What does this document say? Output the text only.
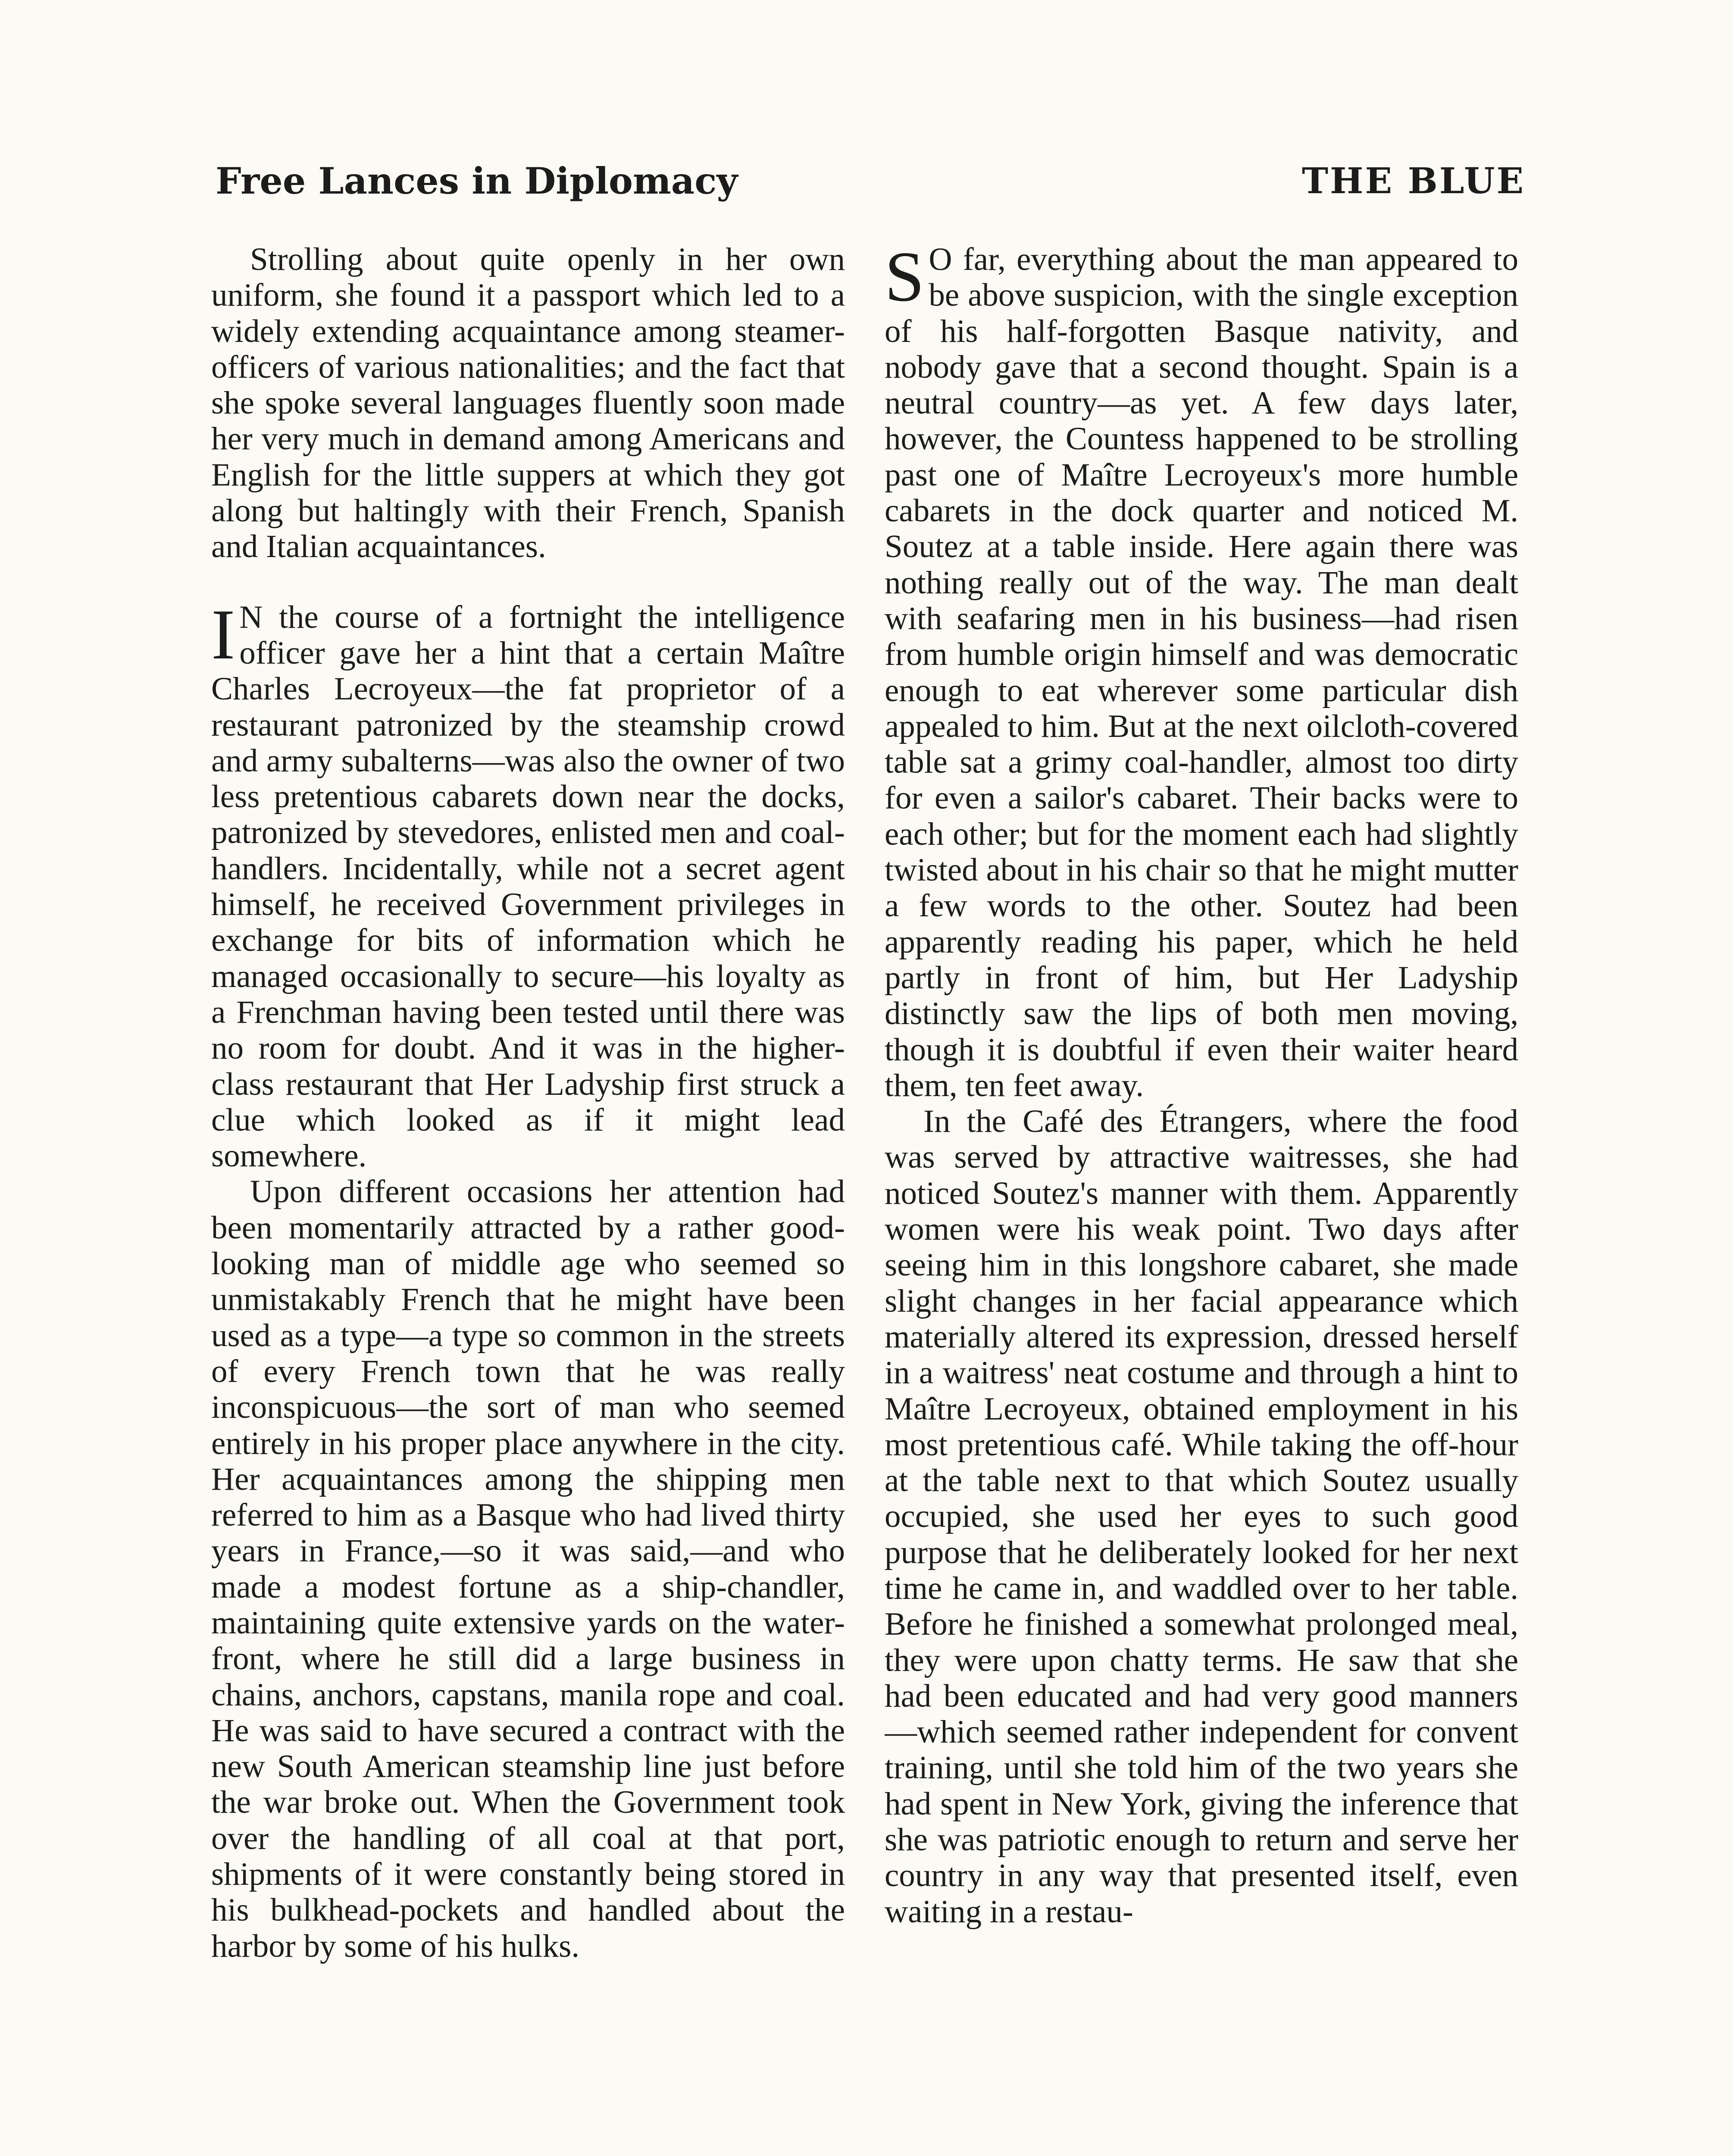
Free Lances in Diplomacy	THE BLUE

Strolling about quite openly in her own uniform, she found it a passport which led to a widely extending acquaintance among steamer-officers of various nationalities; and the fact that she spoke several languages fluently soon made her very much in demand among Americans and English for the little suppers at which they got along but haltingly with their French, Spanish and Italian acquaintances.

I N the course of a fortnight the intelligence officer gave her a hint that a certain Maître Charles Lecroyeux—the fat proprietor of a restaurant patronized by the steamship crowd and army subalterns—was also the owner of two less pretentious cabarets down near the docks, patronized by stevedores, enlisted men and coal-handlers. Incidentally, while not a secret agent himself, he received Government privileges in exchange for bits of information which he managed occasionally to secure—his loyalty as a Frenchman having been tested until there was no room for doubt. And it was in the higher-class restaurant that Her Ladyship first struck a clue which looked as if it might lead somewhere.

Upon different occasions her attention had been momentarily attracted by a rather good-looking man of middle age who seemed so unmistakably French that he might have been used as a type—a type so common in the streets of every French town that he was really inconspicuous—the sort of man who seemed entirely in his proper place anywhere in the city. Her acquaintances among the shipping men referred to him as a Basque who had lived thirty years in France,—so it was said,—and who made a modest fortune as a ship-chandler, maintaining quite extensive yards on the water-front, where he still did a large business in chains, anchors, capstans, manila rope and coal. He was said to have secured a contract with the new South American steamship line just before the war broke out. When the Government took over the handling of all coal at that port, shipments of it were constantly being stored in his bulkhead-pockets and handled about the harbor by some of his hulks.

S O far, everything about the man appeared to be above suspicion, with the single exception of his half-forgotten Basque nativity, and nobody gave that a second thought. Spain is a neutral country—as yet. A few days later, however, the Countess happened to be strolling past one of Maître Lecroyeux's more humble cabarets in the dock quarter and noticed M. Soutez at a table inside. Here again there was nothing really out of the way. The man dealt with seafaring men in his business—had risen from humble origin himself and was democratic enough to eat wherever some particular dish appealed to him. But at the next oilcloth-covered table sat a grimy coal-handler, almost too dirty for even a sailor's cabaret. Their backs were to each other; but for the moment each had slightly twisted about in his chair so that he might mutter a few words to the other. Soutez had been apparently reading his paper, which he held partly in front of him, but Her Ladyship distinctly saw the lips of both men moving, though it is doubtful if even their waiter heard them, ten feet away.

In the Café des Étrangers, where the food was served by attractive waitresses, she had noticed Soutez's manner with them. Apparently women were his weak point. Two days after seeing him in this longshore cabaret, she made slight changes in her facial appearance which materially altered its expression, dressed herself in a waitress' neat costume and through a hint to Maître Lecroyeux, obtained employment in his most pretentious café. While taking the off-hour at the table next to that which Soutez usually occupied, she used her eyes to such good purpose that he deliberately looked for her next time he came in, and waddled over to her table. Before he finished a somewhat prolonged meal, they were upon chatty terms. He saw that she had been educated and had very good manners—which seemed rather independent for convent training, until she told him of the two years she had spent in New York, giving the inference that she was patriotic enough to return and serve her country in any way that presented itself, even waiting in a restau-
